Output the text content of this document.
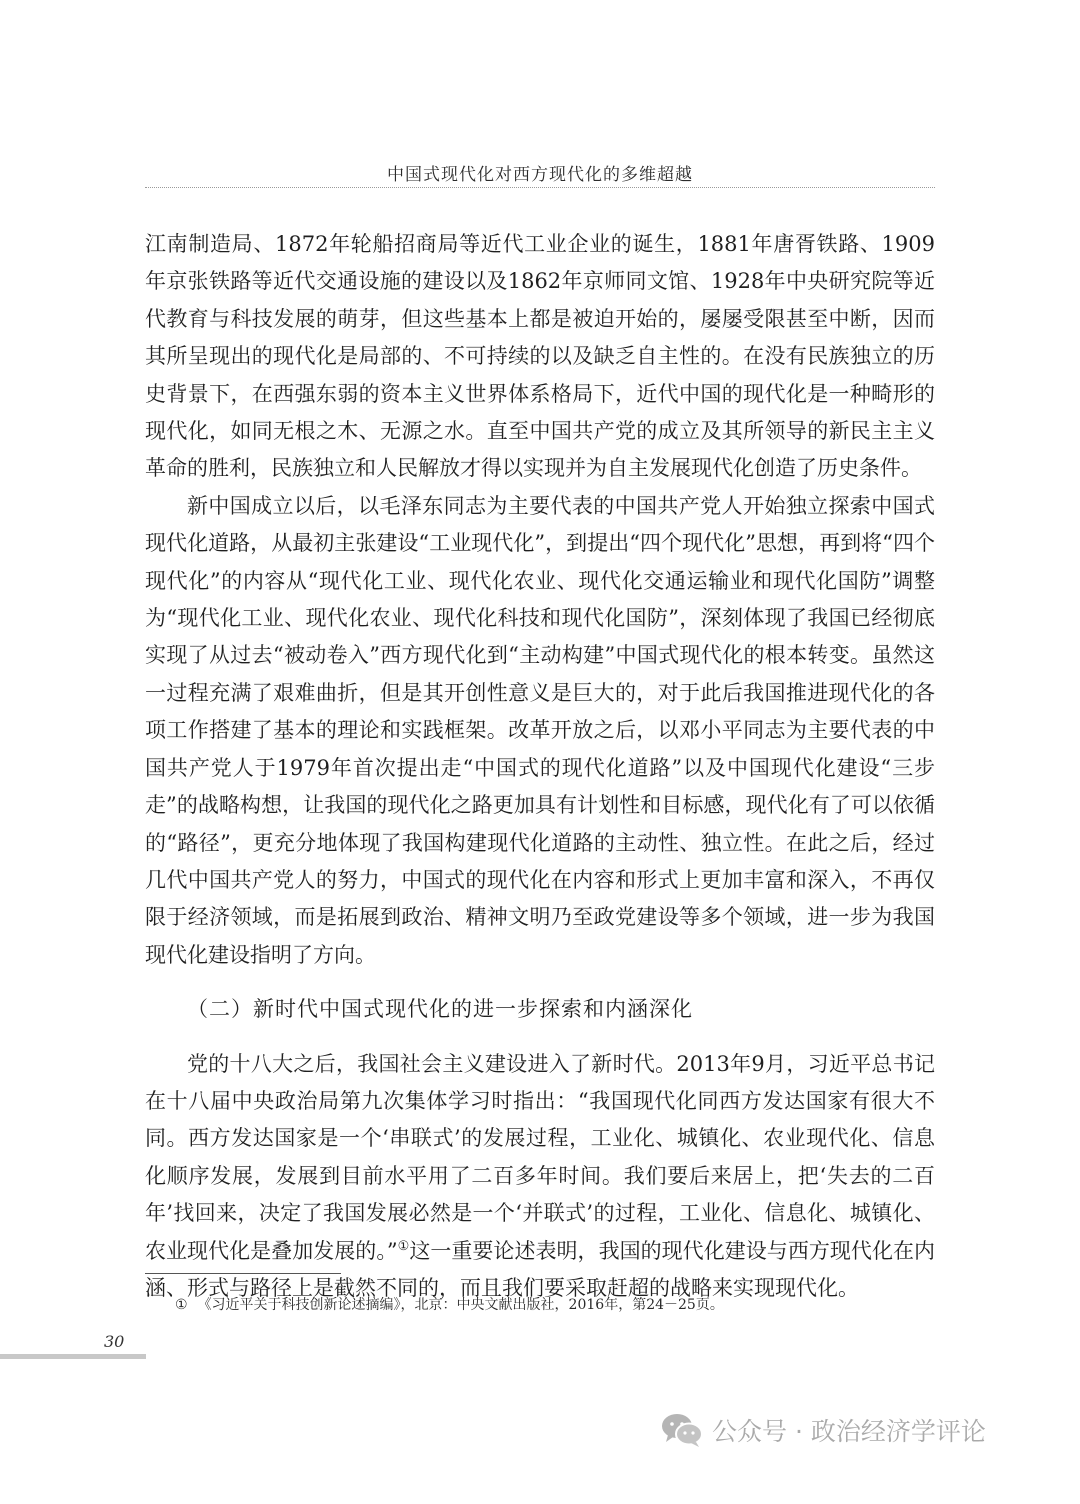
中国式现代化对西方现代化的多维超越

江南制造局、1872年轮船招商局等近代工业企业的诞生，1881年唐胥铁路、1909年京张铁路等近代交通设施的建设以及1862年京师同文馆、1928年中央研究院等近代教育与科技发展的萌芽，但这些基本上都是被迫开始的，屡屡受限甚至中断，因而其所呈现出的现代化是局部的、不可持续的以及缺乏自主性的。在没有民族独立的历史背景下，在西强东弱的资本主义世界体系格局下，近代中国的现代化是一种畸形的现代化，如同无根之木、无源之水。直至中国共产党的成立及其所领导的新民主主义革命的胜利，民族独立和人民解放才得以实现并为自主发展现代化创造了历史条件。

新中国成立以后，以毛泽东同志为主要代表的中国共产党人开始独立探索中国式现代化道路，从最初主张建设“工业现代化”，到提出“四个现代化”思想，再到将“四个现代化”的内容从“现代化工业、现代化农业、现代化交通运输业和现代化国防”调整为“现代化工业、现代化农业、现代化科技和现代化国防”，深刻体现了我国已经彻底实现了从过去“被动卷入”西方现代化到“主动构建”中国式现代化的根本转变。虽然这一过程充满了艰难曲折，但是其开创性意义是巨大的，对于此后我国推进现代化的各项工作搭建了基本的理论和实践框架。改革开放之后，以邓小平同志为主要代表的中国共产党人于1979年首次提出走“中国式的现代化道路”以及中国现代化建设“三步走”的战略构想，让我国的现代化之路更加具有计划性和目标感，现代化有了可以依循的“路径”，更充分地体现了我国构建现代化道路的主动性、独立性。在此之后，经过几代中国共产党人的努力，中国式的现代化在内容和形式上更加丰富和深入，不再仅限于经济领域，而是拓展到政治、精神文明乃至政党建设等多个领域，进一步为我国现代化建设指明了方向。

（二）新时代中国式现代化的进一步探索和内涵深化

党的十八大之后，我国社会主义建设进入了新时代。2013年9月，习近平总书记在十八届中央政治局第九次集体学习时指出：“我国现代化同西方发达国家有很大不同。西方发达国家是一个‘串联式’的发展过程，工业化、城镇化、农业现代化、信息化顺序发展，发展到目前水平用了二百多年时间。我们要后来居上，把‘失去的二百年’找回来，决定了我国发展必然是一个‘并联式’的过程，工业化、信息化、城镇化、农业现代化是叠加发展的。”①这一重要论述表明，我国的现代化建设与西方现代化在内涵、形式与路径上是截然不同的，而且我们要采取赶超的战略来实现现代化。

① 《习近平关于科技创新论述摘编》，北京：中央文献出版社，2016年，第24－25页。
30
公众号 · 政治经济学评论
